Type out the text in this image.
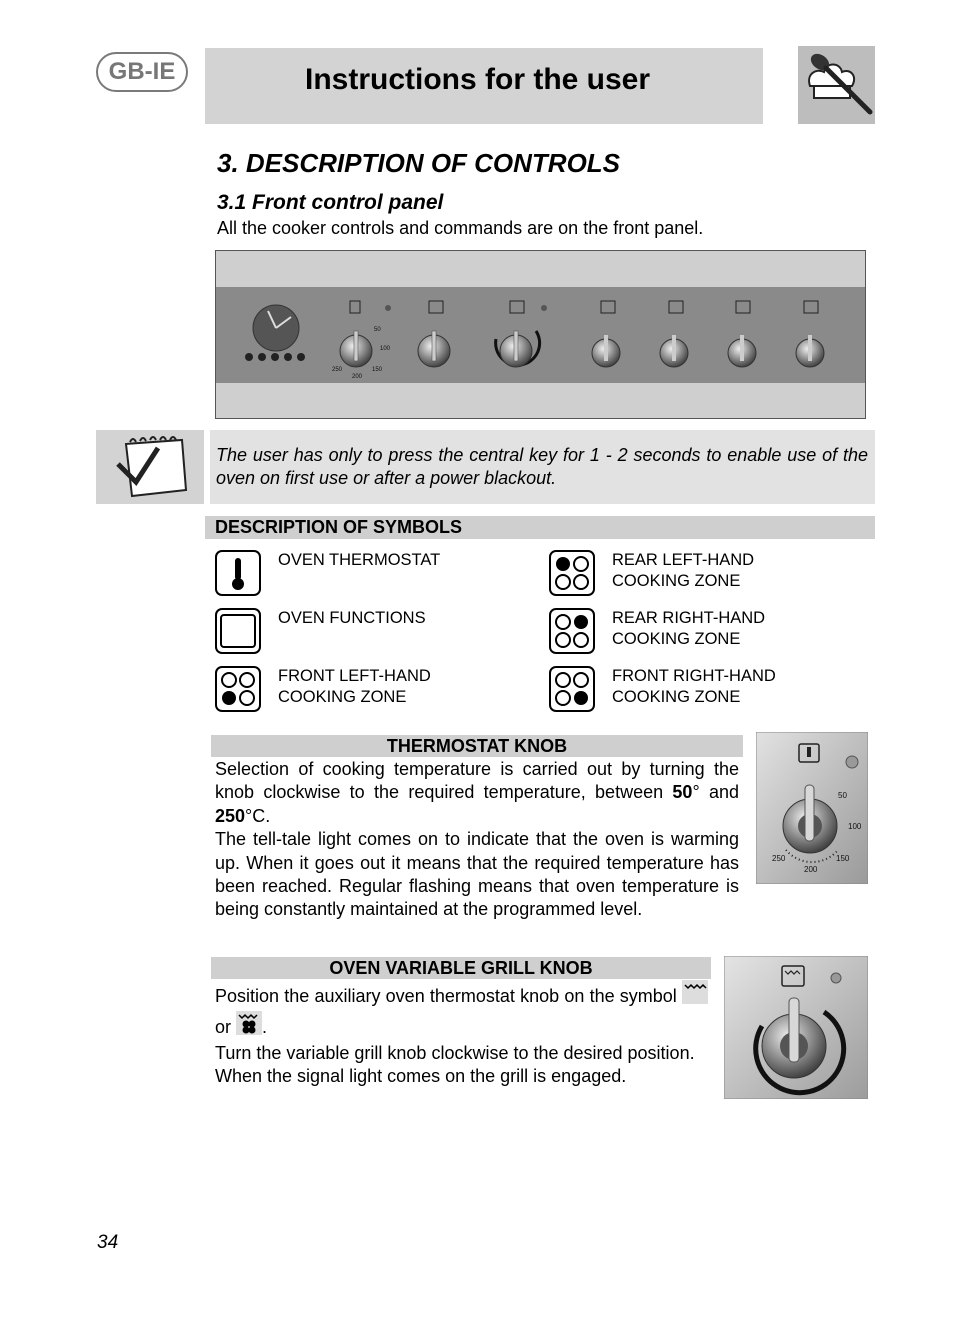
GB-IE	Instructions for the user
3. DESCRIPTION OF CONTROLS
3.1 Front control panel
All the cooker controls and commands are on the front panel.
50
100
150
200
250
The user has only to press the central key for 1 - 2 seconds to enable use of the oven on first use or after a power blackout.
DESCRIPTION OF SYMBOLS
OVEN THERMOSTAT

OVEN FUNCTIONS

FRONT LEFT-HAND
COOKING ZONE
REAR LEFT-HAND
COOKING ZONE
REAR RIGHT-HAND
COOKING ZONE
FRONT RIGHT-HAND
COOKING ZONE
THERMOSTAT KNOB

Selection of cooking temperature is carried out by turning the knob clockwise to the required temperature, between 50° and 250°C.

The tell-tale light comes on to indicate that the oven is warming up. When it goes out it means that the required temperature has been reached. Regular flashing means that oven temperature is being constantly maintained at the programmed level.

50
100
150
200
250
OVEN VARIABLE GRILL KNOB

Position the auxiliary oven thermostat knob on the symbol  or .

Turn the variable grill knob clockwise to the desired position.

When the signal light comes on the grill is engaged.

34
